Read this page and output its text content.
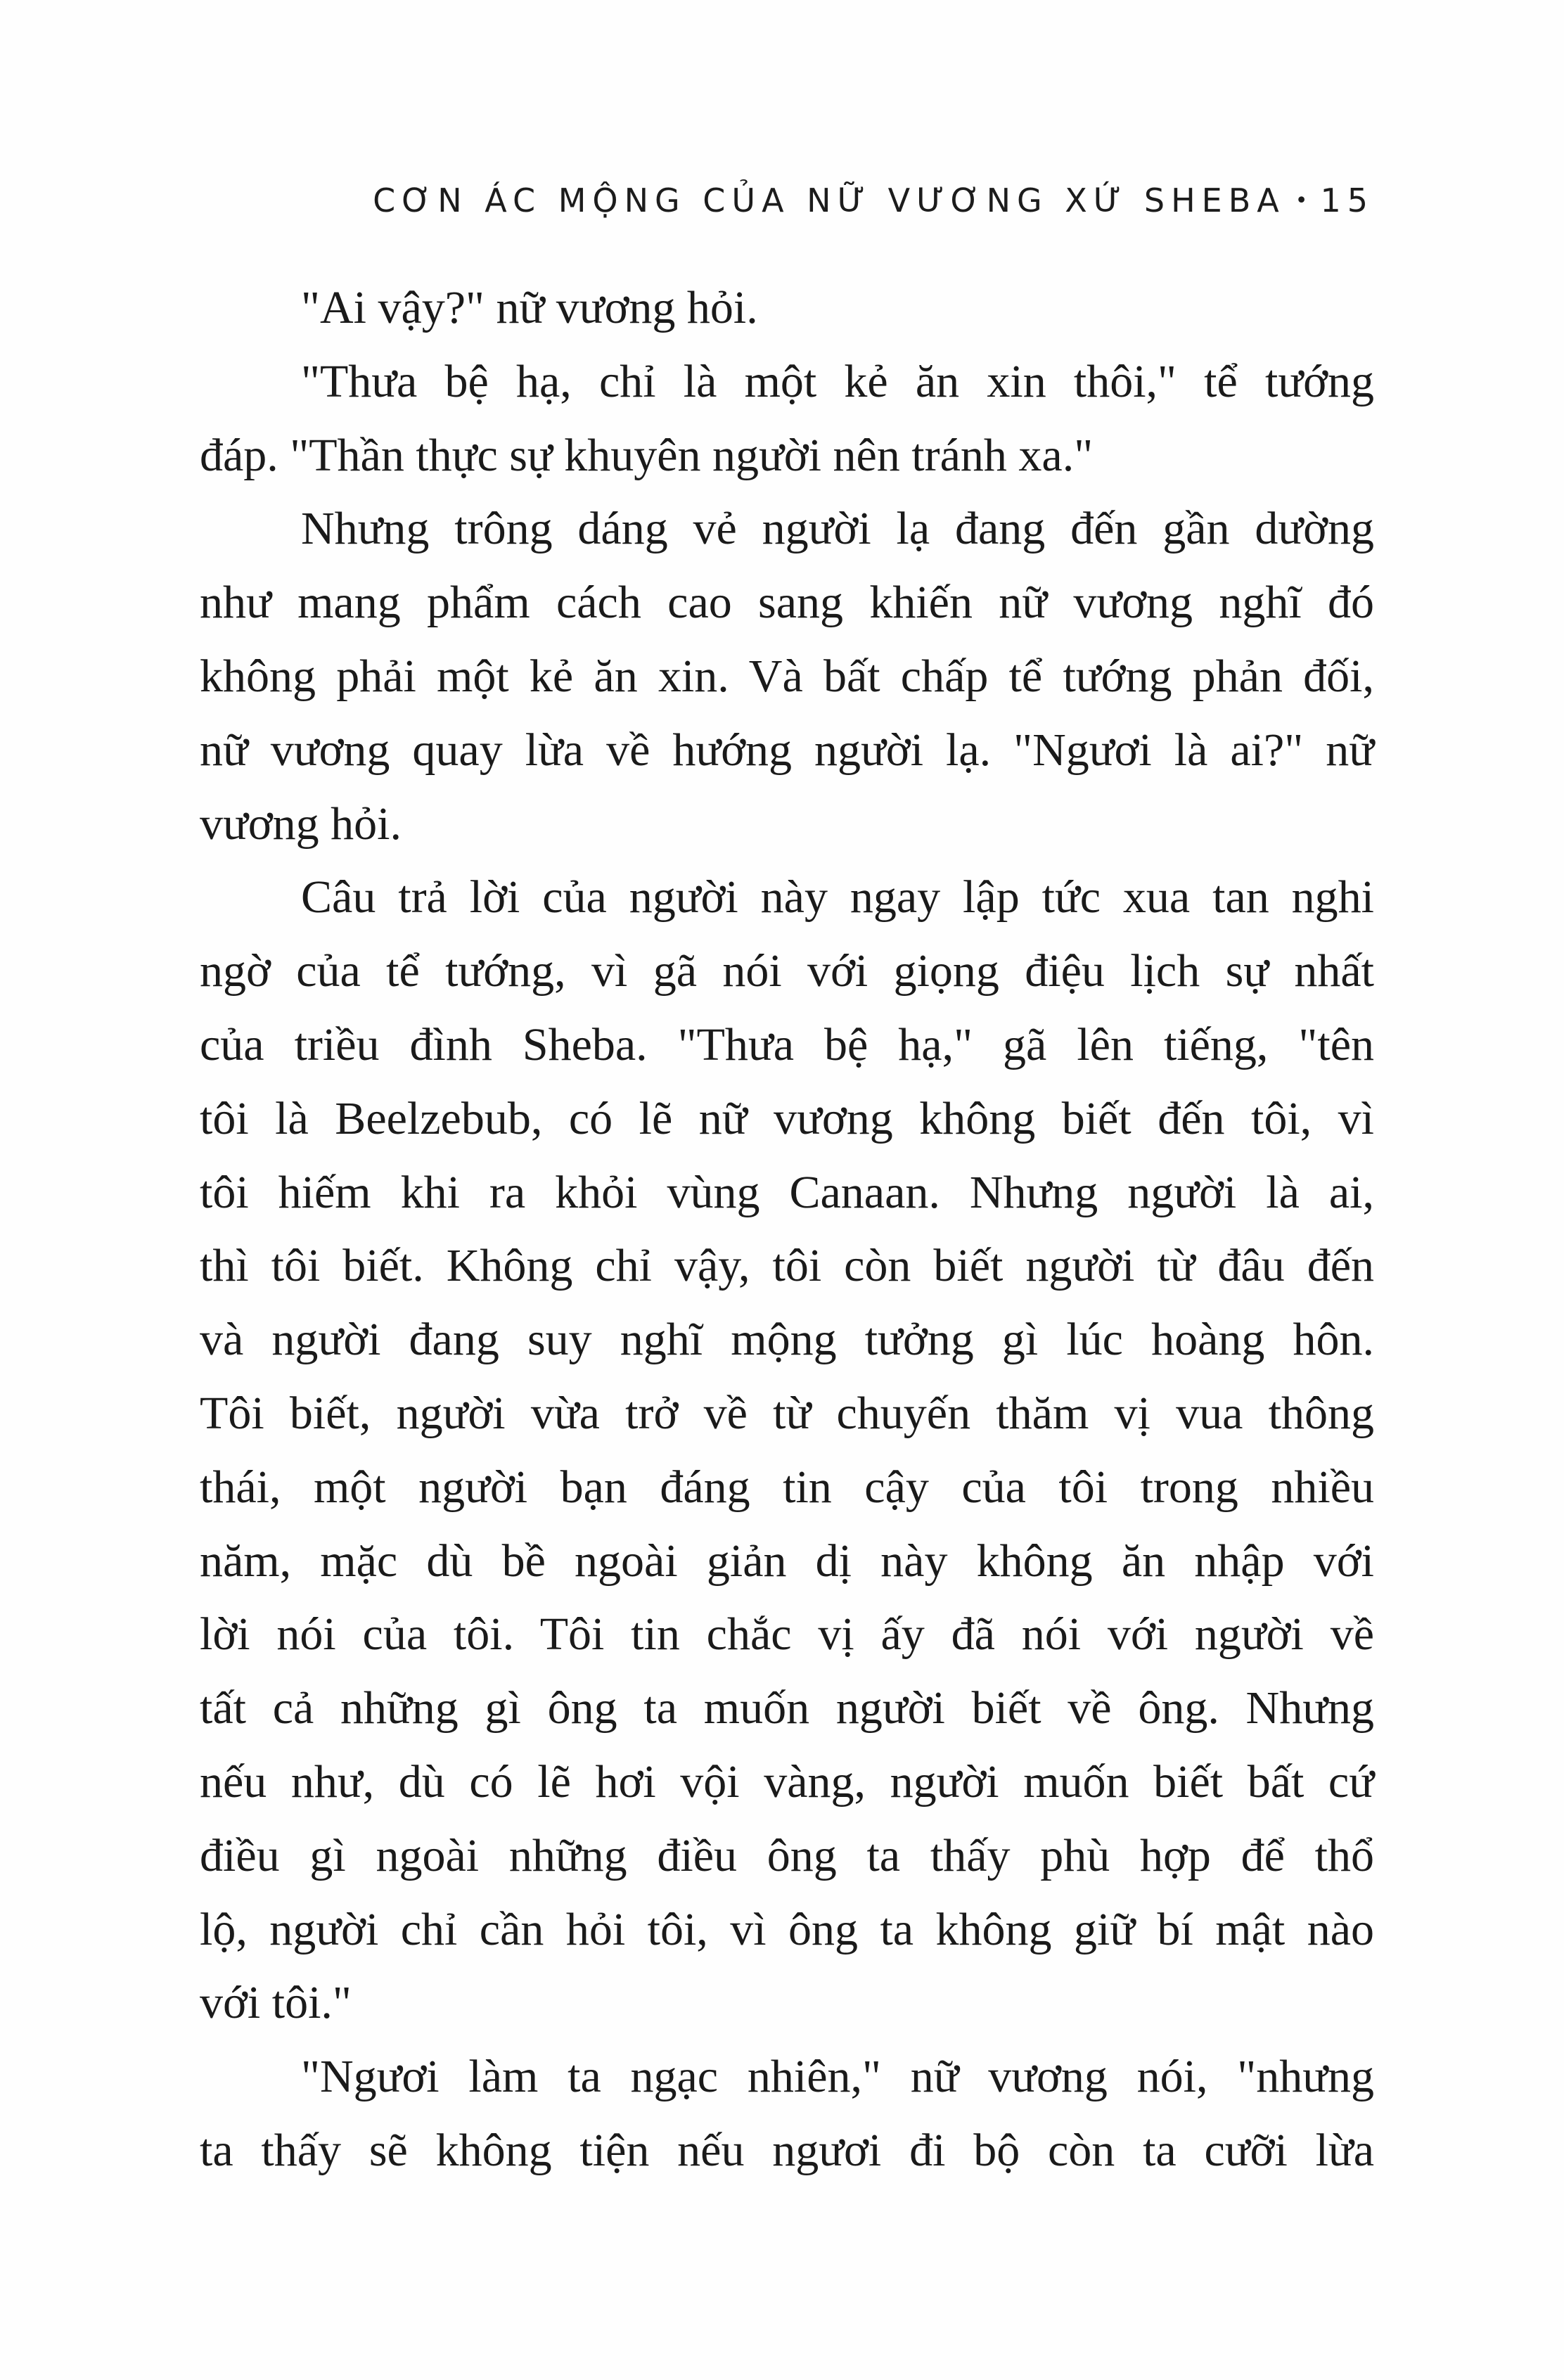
CƠN ÁC MỘNG CỦA NỮ VƯƠNG XỨ SHEBA • 15
"Ai vậy?" nữ vương hỏi.
"Thưa bệ hạ, chỉ là một kẻ ăn xin thôi," tể tướng
đáp. "Thần thực sự khuyên người nên tránh xa."
Nhưng trông dáng vẻ người lạ đang đến gần dường
như mang phẩm cách cao sang khiến nữ vương nghĩ đó
không phải một kẻ ăn xin. Và bất chấp tể tướng phản đối,
nữ vương quay lừa về hướng người lạ. "Ngươi là ai?" nữ
vương hỏi.
Câu trả lời của người này ngay lập tức xua tan nghi
ngờ của tể tướng, vì gã nói với giọng điệu lịch sự nhất
của triều đình Sheba. "Thưa bệ hạ," gã lên tiếng, "tên
tôi là Beelzebub, có lẽ nữ vương không biết đến tôi, vì
tôi hiếm khi ra khỏi vùng Canaan. Nhưng người là ai,
thì tôi biết. Không chỉ vậy, tôi còn biết người từ đâu đến
và người đang suy nghĩ mộng tưởng gì lúc hoàng hôn.
Tôi biết, người vừa trở về từ chuyến thăm vị vua thông
thái, một người bạn đáng tin cậy của tôi trong nhiều
năm, mặc dù bề ngoài giản dị này không ăn nhập với
lời nói của tôi. Tôi tin chắc vị ấy đã nói với người về
tất cả những gì ông ta muốn người biết về ông. Nhưng
nếu như, dù có lẽ hơi vội vàng, người muốn biết bất cứ
điều gì ngoài những điều ông ta thấy phù hợp để thổ
lộ, người chỉ cần hỏi tôi, vì ông ta không giữ bí mật nào
với tôi."
"Ngươi làm ta ngạc nhiên," nữ vương nói, "nhưng
ta thấy sẽ không tiện nếu ngươi đi bộ còn ta cưỡi lừa
